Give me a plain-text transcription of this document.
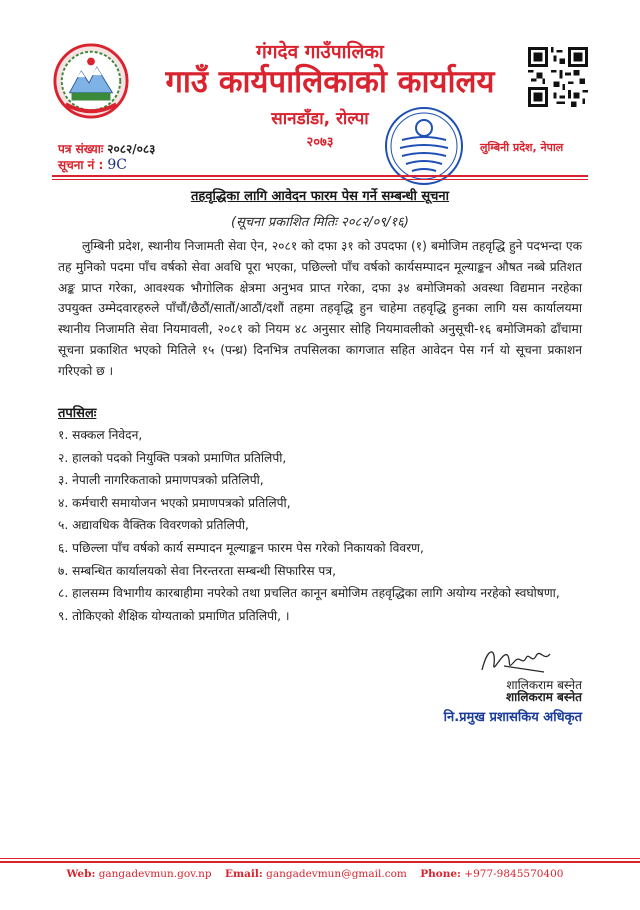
गंगदेव गाउँपालिका
गाउँ कार्यपालिकाको कार्यालय
सानडाँडा, रोल्पा
२०७३
पत्र संख्याः २०८२/०८३
सूचना नं : 9C
लुम्बिनी प्रदेश, नेपाल
तहवृद्धिका लागि आवेदन फारम पेस गर्ने सम्बन्धी सूचना
(सूचना प्रकाशित मितिः २०८२/०९/१६)
लुम्बिनी प्रदेश, स्थानीय निजामती सेवा ऐन, २०८१ को दफा ३१ को उपदफा (१) बमोजिम तहवृद्धि हुने पदभन्दा एक तह मुनिको पदमा पाँच वर्षको सेवा अवधि पूरा भएका, पछिल्लो पाँच वर्षको कार्यसम्पादन मूल्याङ्कन औषत नब्बे प्रतिशत अङ्क प्राप्त गरेका, आवश्यक भौगोलिक क्षेत्रमा अनुभव प्राप्त गरेका, दफा ३४ बमोजिमको अवस्था विद्यमान नरहेका उपयुक्त उम्मेदवारहरुले पाँचौं/छैठौं/सातौं/आठौं/दशौं तहमा तहवृद्धि हुन चाहेमा तहवृद्धि हुनका लागि यस कार्यालयमा स्थानीय निजामति सेवा नियमावली, २०८१ को नियम ४८ अनुसार सोहि नियमावलीको अनुसूची-१६ बमोजिमको ढाँचामा सूचना प्रकाशित भएको मितिले १५ (पन्ध्र) दिनभित्र तपसिलका कागजात सहित आवेदन पेस गर्न यो सूचना प्रकाशन गरिएको छ ।
तपसिलः
१. सक्कल निवेदन,
२. हालको पदको नियुक्ति पत्रको प्रमाणित प्रतिलिपी,
३. नेपाली नागरिकताको प्रमाणपत्रको प्रतिलिपी,
४. कर्मचारी समायोजन भएको प्रमाणपत्रको प्रतिलिपी,
५. अद्यावधिक वैक्तिक विवरणको प्रतिलिपी,
६. पछिल्ला पाँच वर्षको कार्य सम्पादन मूल्याङ्कन फारम पेस गरेको निकायको विवरण,
७. सम्बन्धित कार्यालयको सेवा निरन्तरता सम्बन्धी सिफारिस पत्र,
८. हालसम्म विभागीय कारबाहीमा नपरेको तथा प्रचलित कानून बमोजिम तहवृद्धिका लागि अयोग्य नरहेको स्वघोषणा,
९. तोकिएको शैक्षिक योग्यताको प्रमाणित प्रतिलिपी, ।
शालिकराम बस्नेत
शालिकराम बस्नेत
नि.प्रमुख प्रशासकिय अधिकृत
Web: gangadevmun.gov.np Email: gangadevmun@gmail.com Phone: +977-9845570400
